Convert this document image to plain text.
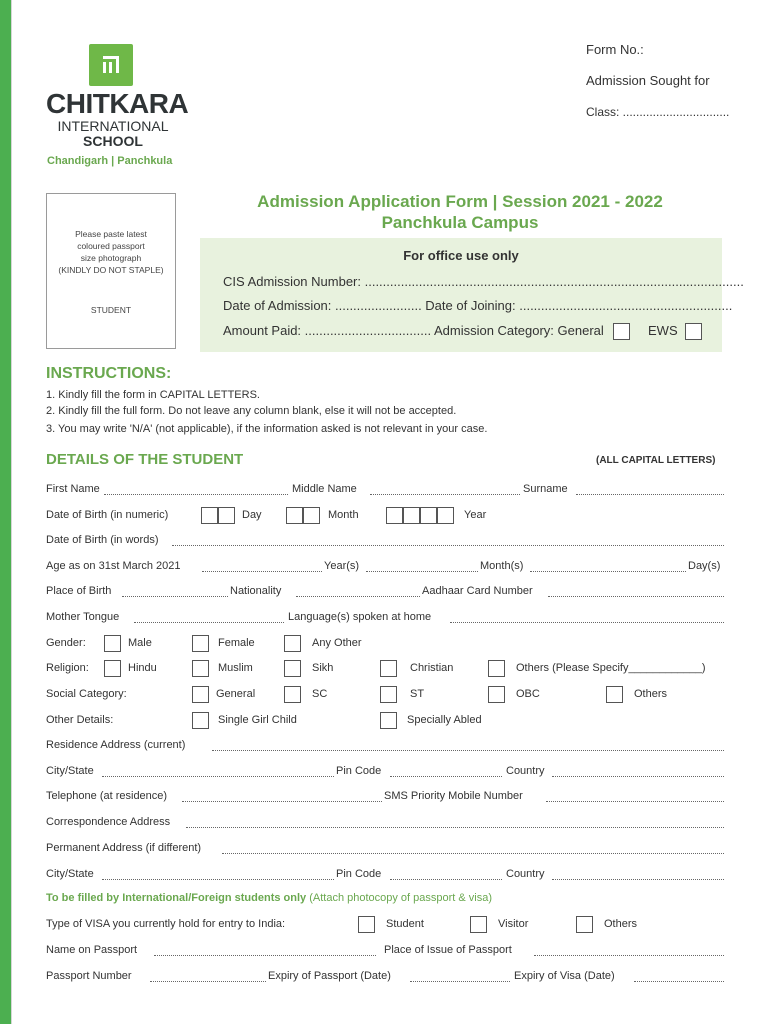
CHITKARA
INTERNATIONAL
SCHOOL
Chandigarh | Panchkula
Form No.:
Admission Sought for
Class: ................................
Please paste latest
coloured passport
size photograph
(KINDLY DO NOT STAPLE)
STUDENT
Admission Application Form | Session 2021 - 2022
Panchkula Campus
For office use only
CIS Admission Number: .........................................................................................................
Date of Admission: ........................ Date of Joining: ...........................................................
Amount Paid: ................................... Admission Category: General	EWS
INSTRUCTIONS:
1. Kindly fill the form in CAPITAL LETTERS.
2. Kindly fill the full form. Do not leave any column blank, else it will not be accepted.
3. You may write 'N/A' (not applicable), if the information asked is not relevant in your case.
DETAILS OF THE STUDENT	(ALL CAPITAL LETTERS)
First Name	Middle Name	Surname
Date of Birth (in numeric)	Day	Month	Year
Date of Birth (in words)
Age as on 31st March 2021	Year(s)	Month(s)	Day(s)
Place of Birth	Nationality	Aadhaar Card Number
Mother Tongue	Language(s) spoken at home
Gender:	Male	Female	Any Other
Religion:	Hindu	Muslim	Sikh	Christian	Others (Please Specify____________)
Social Category:	General	SC	ST	OBC	Others
Other Details:	Single Girl Child	Specially Abled
Residence Address (current)
City/State	Pin Code	Country
Telephone (at residence)	SMS Priority Mobile Number
Correspondence Address
Permanent Address (if different)
City/State	Pin Code	Country
To be filled by International/Foreign students only (Attach photocopy of passport & visa)
Type of VISA you currently hold for entry to India:	Student	Visitor	Others
Name on Passport	Place of Issue of Passport
Passport Number	Expiry of Passport (Date)	Expiry of Visa (Date)
